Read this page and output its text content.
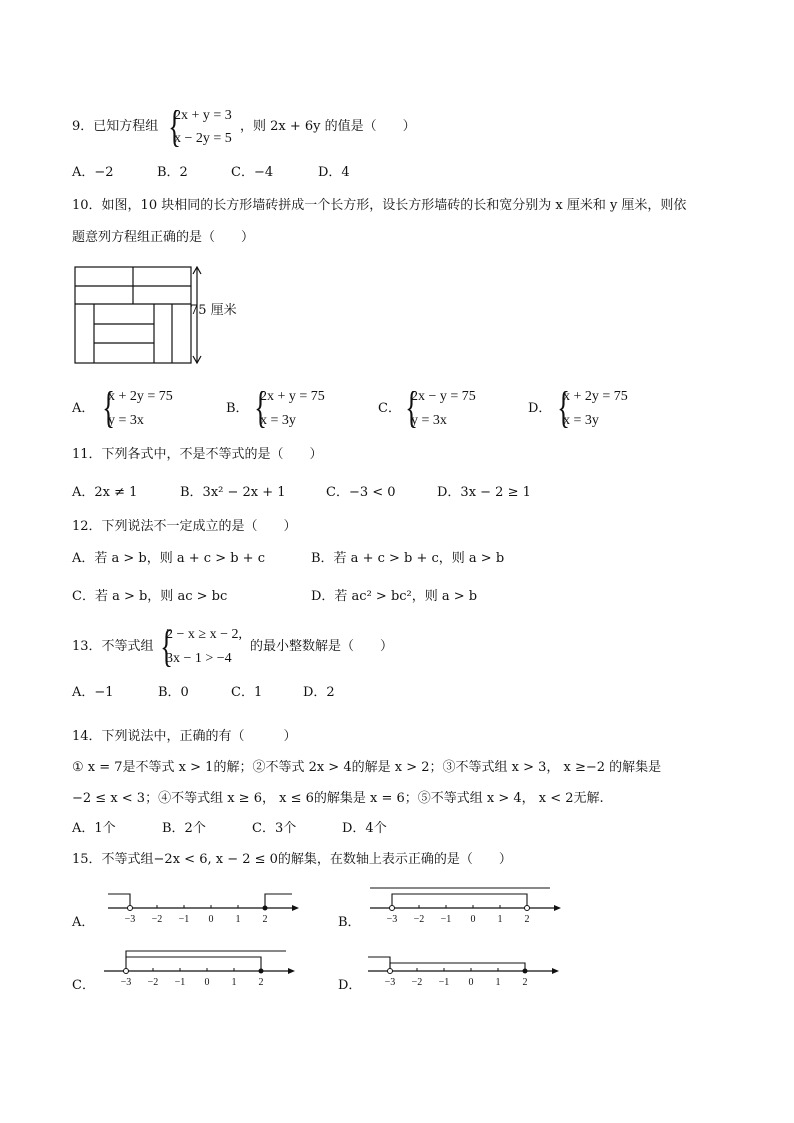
9．已知方程组 {
2x + y = 3
x − 2y = 5
，则 2x + 6y 的值是（　　）
A．−2	B．2	C．−4	D．4
10．如图，10 块相同的长方形墙砖拼成一个长方形，设长方形墙砖的长和宽分别为 x 厘米和 y 厘米，则依
题意列方程组正确的是（　　）
75 厘米
A． {
x + 2y = 75
y = 3x
B． {
2x + y = 75
x = 3y
C． {
2x − y = 75
y = 3x
D． {
x + 2y = 75
x = 3y
11．下列各式中，不是不等式的是（　　）
A．2x ≠ 1	B．3x² − 2x + 1	C．−3 < 0	D．3x − 2 ≥ 1
12．下列说法不一定成立的是（　　）
A．若 a > b，则 a + c > b + c	B．若 a + c > b + c，则 a > b
C．若 a > b，则 ac > bc	D．若 ac² > bc²，则 a > b
13．不等式组 {
2 − x ≥ x − 2,
3x − 1 > −4
的最小整数解是（　　）
A．−1	B．0	C．1	D．2
14．下列说法中，正确的有（　　　）
① x = 7是不等式 x > 1的解；②不等式 2x > 4的解是 x > 2；③不等式组 x > 3， x ≥−2 的解集是
−2 ≤ x < 3；④不等式组 x ≥ 6， x ≤ 6的解集是 x = 6；⑤不等式组 x > 4， x < 2无解.
A．1个	B．2个	C．3个	D．4个
15．不等式组−2x < 6, x − 2 ≤ 0的解集，在数轴上表示正确的是（　　）
A．	B．
C．	D．
−3 −2 −1 0 1 2	−3 −2 −1 0 1 2
−3 −2 −1 0 1 2	−3 −2 −1 0 1 2
